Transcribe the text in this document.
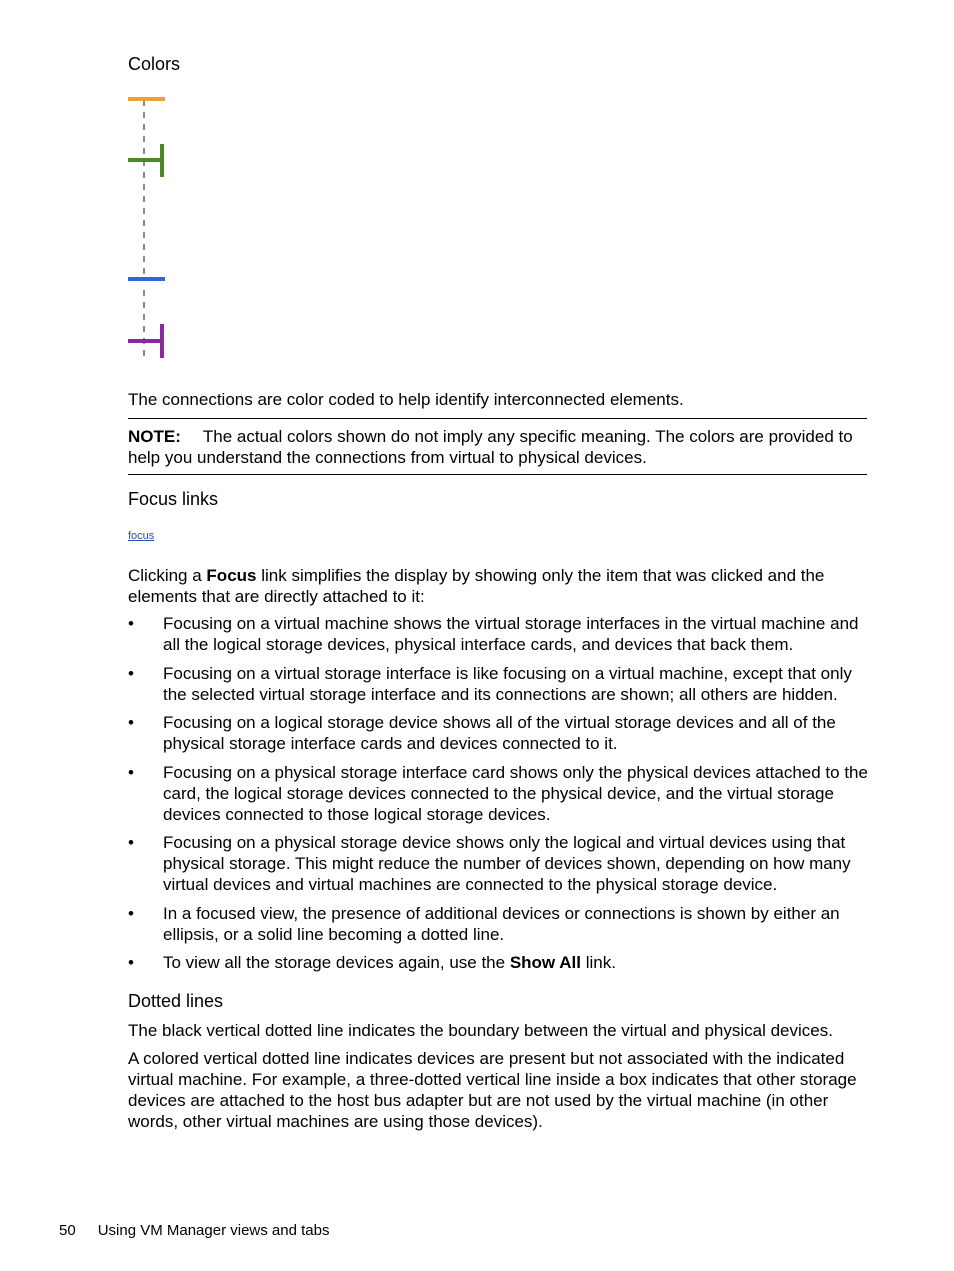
Colors
The connections are color coded to help identify interconnected elements.
NOTE: The actual colors shown do not imply any specific meaning. The colors are provided to help you understand the connections from virtual to physical devices.
Focus links
focus
Clicking a Focus link simplifies the display by showing only the item that was clicked and the elements that are directly attached to it:
• Focusing on a virtual machine shows the virtual storage interfaces in the virtual machine and all the logical storage devices, physical interface cards, and devices that back them.
• Focusing on a virtual storage interface is like focusing on a virtual machine, except that only the selected virtual storage interface and its connections are shown; all others are hidden.
• Focusing on a logical storage device shows all of the virtual storage devices and all of the physical storage interface cards and devices connected to it.
• Focusing on a physical storage interface card shows only the physical devices attached to the card, the logical storage devices connected to the physical device, and the virtual storage devices connected to those logical storage devices.
• Focusing on a physical storage device shows only the logical and virtual devices using that physical storage. This might reduce the number of devices shown, depending on how many virtual devices and virtual machines are connected to the physical storage device.
• In a focused view, the presence of additional devices or connections is shown by either an ellipsis, or a solid line becoming a dotted line.
• To view all the storage devices again, use the Show All link.
Dotted lines
The black vertical dotted line indicates the boundary between the virtual and physical devices.
A colored vertical dotted line indicates devices are present but not associated with the indicated virtual machine. For example, a three-dotted vertical line inside a box indicates that other storage devices are attached to the host bus adapter but are not used by the virtual machine (in other words, other virtual machines are using those devices).
50 Using VM Manager views and tabs
